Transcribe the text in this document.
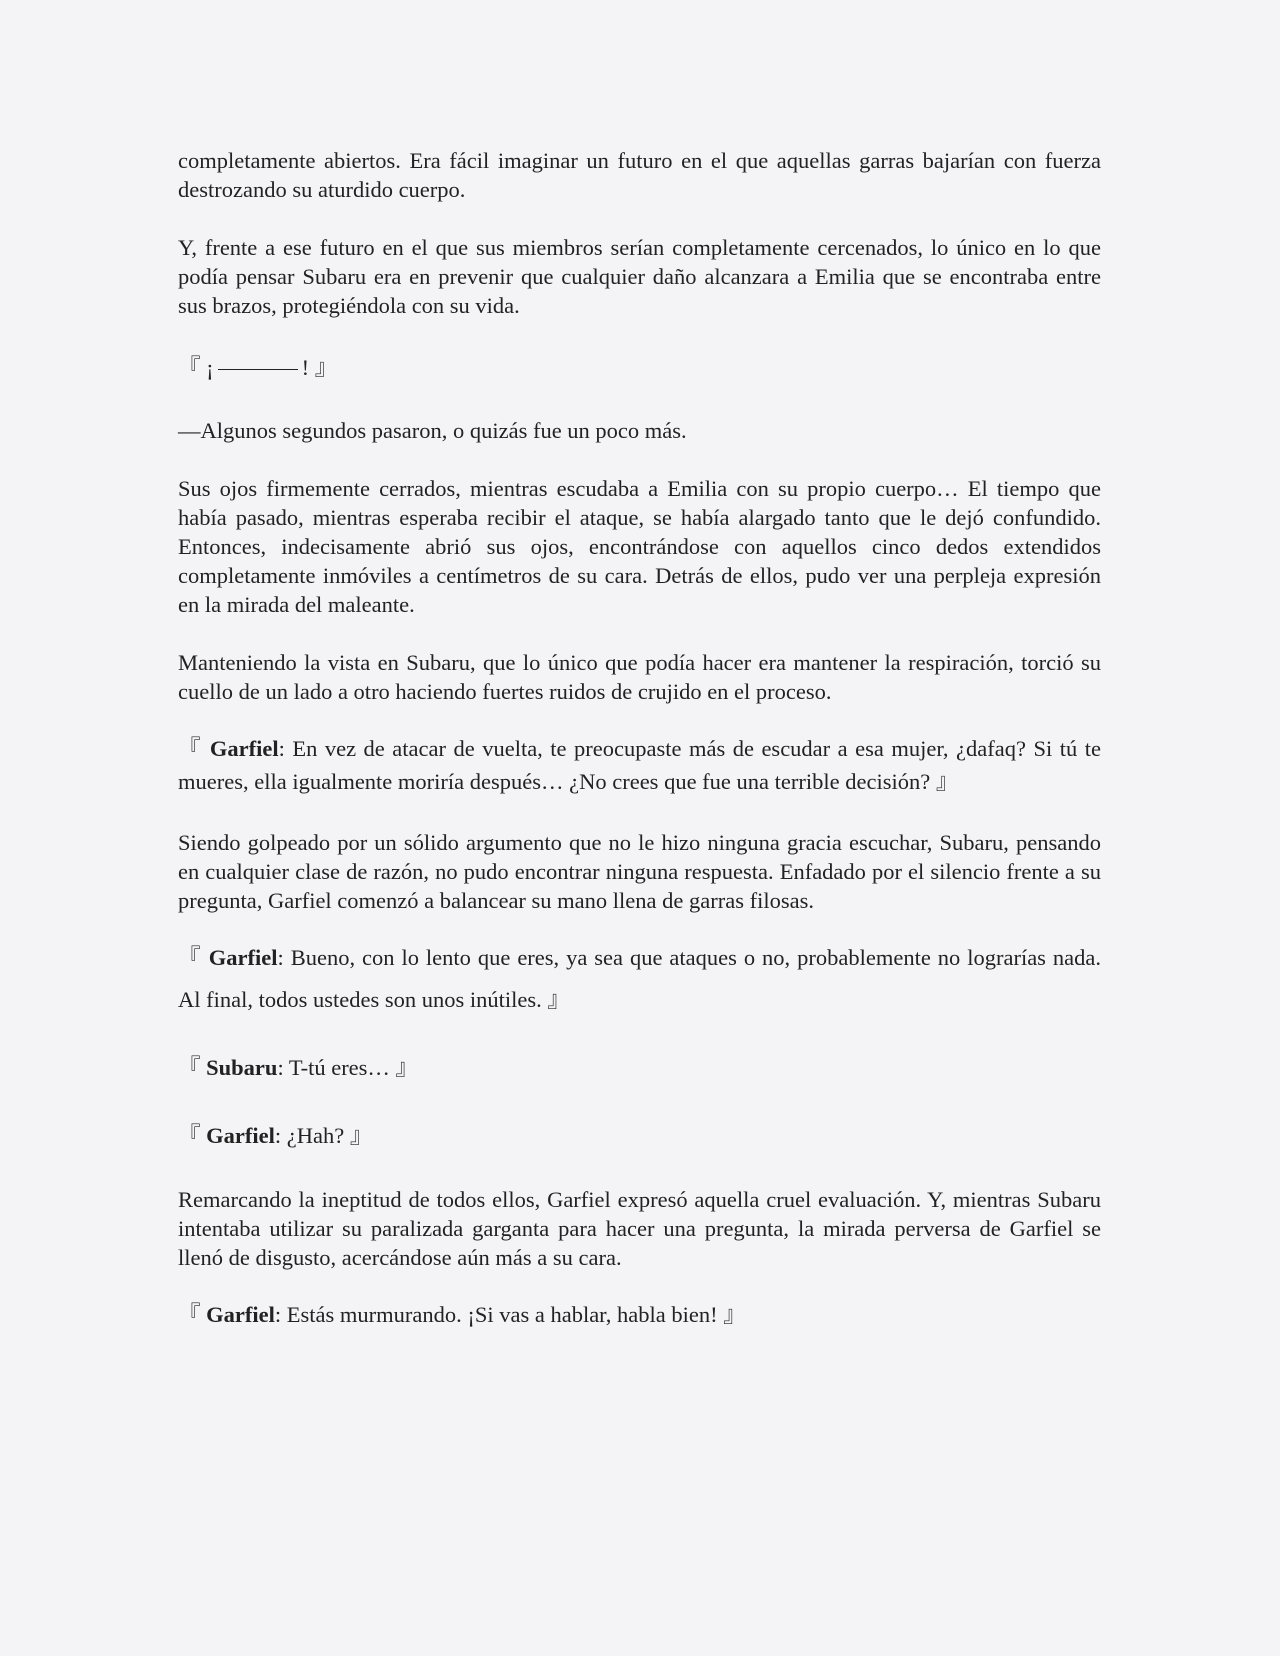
completamente abiertos. Era fácil imaginar un futuro en el que aquellas garras bajarían con fuerza destrozando su aturdido cuerpo.

Y, frente a ese futuro en el que sus miembros serían completamente cercenados, lo único en lo que podía pensar Subaru era en prevenir que cualquier daño alcanzara a Emilia que se encontraba entre sus brazos, protegiéndola con su vida.

『 ¡	! 』

—Algunos segundos pasaron, o quizás fue un poco más.

Sus ojos firmemente cerrados, mientras escudaba a Emilia con su propio cuerpo… El tiempo que había pasado, mientras esperaba recibir el ataque, se había alargado tanto que le dejó confundido. Entonces, indecisamente abrió sus ojos, encontrándose con aquellos cinco dedos extendidos completamente inmóviles a centímetros de su cara. Detrás de ellos, pudo ver una perpleja expresión en la mirada del maleante.

Manteniendo la vista en Subaru, que lo único que podía hacer era mantener la respiración, torció su cuello de un lado a otro haciendo fuertes ruidos de crujido en el proceso.

『 Garfiel: En vez de atacar de vuelta, te preocupaste más de escudar a esa mujer, ¿dafaq? Si tú te mueres, ella igualmente moriría después… ¿No crees que fue una terrible decisión? 』

Siendo golpeado por un sólido argumento que no le hizo ninguna gracia escuchar, Subaru, pensando en cualquier clase de razón, no pudo encontrar ninguna respuesta. Enfadado por el silencio frente a su pregunta, Garfiel comenzó a balancear su mano llena de garras filosas.

『 Garfiel: Bueno, con lo lento que eres, ya sea que ataques o no, probablemente no lograrías nada. Al final, todos ustedes son unos inútiles. 』

『 Subaru: T-tú eres… 』

『 Garfiel: ¿Hah? 』

Remarcando la ineptitud de todos ellos, Garfiel expresó aquella cruel evaluación. Y, mientras Subaru intentaba utilizar su paralizada garganta para hacer una pregunta, la mirada perversa de Garfiel se llenó de disgusto, acercándose aún más a su cara.

『 Garfiel: Estás murmurando. ¡Si vas a hablar, habla bien! 』
